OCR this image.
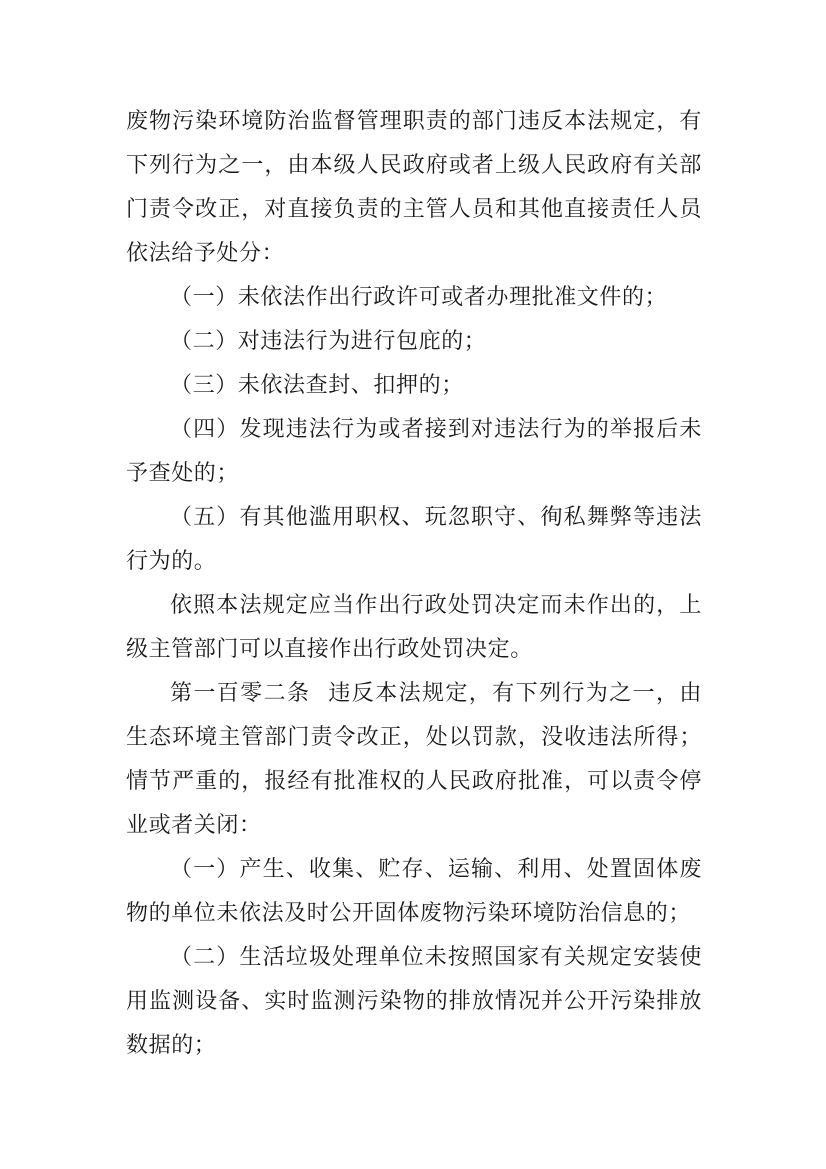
废物污染环境防治监督管理职责的部门违反本法规定，有下列行为之一，由本级人民政府或者上级人民政府有关部门责令改正，对直接负责的主管人员和其他直接责任人员依法给予处分：

（一）未依法作出行政许可或者办理批准文件的；

（二）对违法行为进行包庇的；

（三）未依法查封、扣押的；

（四）发现违法行为或者接到对违法行为的举报后未予查处的；

（五）有其他滥用职权、玩忽职守、徇私舞弊等违法行为的。

依照本法规定应当作出行政处罚决定而未作出的，上级主管部门可以直接作出行政处罚决定。

第一百零二条 违反本法规定，有下列行为之一，由生态环境主管部门责令改正，处以罚款，没收违法所得；情节严重的，报经有批准权的人民政府批准，可以责令停业或者关闭：

（一）产生、收集、贮存、运输、利用、处置固体废物的单位未依法及时公开固体废物污染环境防治信息的；

（二）生活垃圾处理单位未按照国家有关规定安装使用监测设备、实时监测污染物的排放情况并公开污染排放数据的；
